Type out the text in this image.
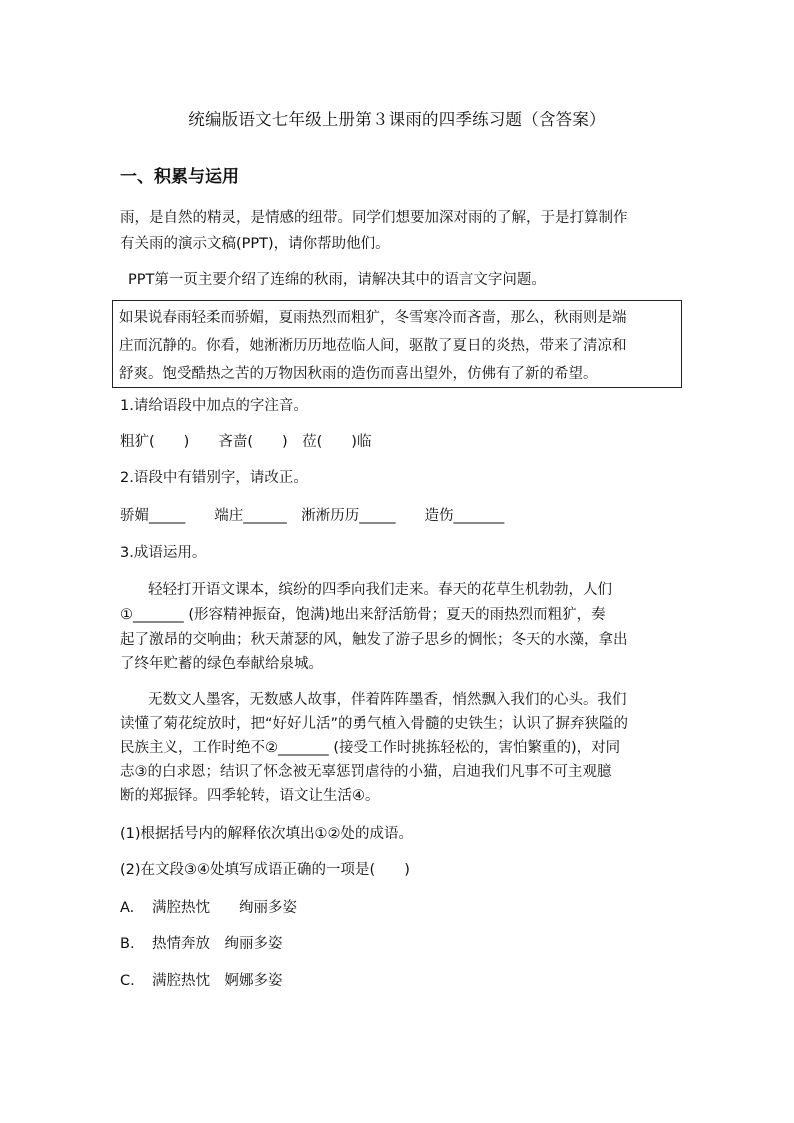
统编版语文七年级上册第３课雨的四季练习题（含答案）
一、积累与运用
雨，是自然的精灵，是情感的纽带。同学们想要加深对雨的了解，于是打算制作
有关雨的演示文稿(PPT)，请你帮助他们。
PPT第一页主要介绍了连绵的秋雨，请解决其中的语言文字问题。
如果说春雨轻柔而骄媚，夏雨热烈而粗犷，冬雪寒冷而吝啬，那么，秋雨则是端
庄而沉静的。你看，她淅淅历历地莅临人间，驱散了夏日的炎热，带来了清凉和
舒爽。饱受酷热之苦的万物因秋雨的造伤而喜出望外，仿佛有了新的希望。
1.请给语段中加点的字注音。
粗犷(　　)　　吝啬(　　)　莅(　　)临
2.语段中有错别字，请改正。
骄媚_____　　端庄______　淅淅历历_____　　造伤_______
3.成语运用。
轻轻打开语文课本，缤纷的四季向我们走来。春天的花草生机勃勃，人们
①_______ (形容精神振奋，饱满)地出来舒活筋骨；夏天的雨热烈而粗犷，奏
起了激昂的交响曲；秋天萧瑟的风，触发了游子思乡的惆怅；冬天的水藻，拿出
了终年贮蓄的绿色奉献给泉城。
无数文人墨客，无数感人故事，伴着阵阵墨香，悄然飘入我们的心头。我们
读懂了菊花绽放时，把“好好儿活”的勇气植入骨髓的史铁生；认识了摒弃狭隘的
民族主义，工作时绝不②_______ (接受工作时挑拣轻松的，害怕繁重的)，对同
志③的白求恩；结识了怀念被无辜惩罚虐待的小猫，启迪我们凡事不可主观臆
断的郑振铎。四季轮转，语文让生活④。
(1)根据括号内的解释依次填出①②处的成语。
(2)在文段③④处填写成语正确的一项是(　　)
A. 满腔热忱　　绚丽多姿
B. 热情奔放　绚丽多姿
C. 满腔热忱　婀娜多姿
